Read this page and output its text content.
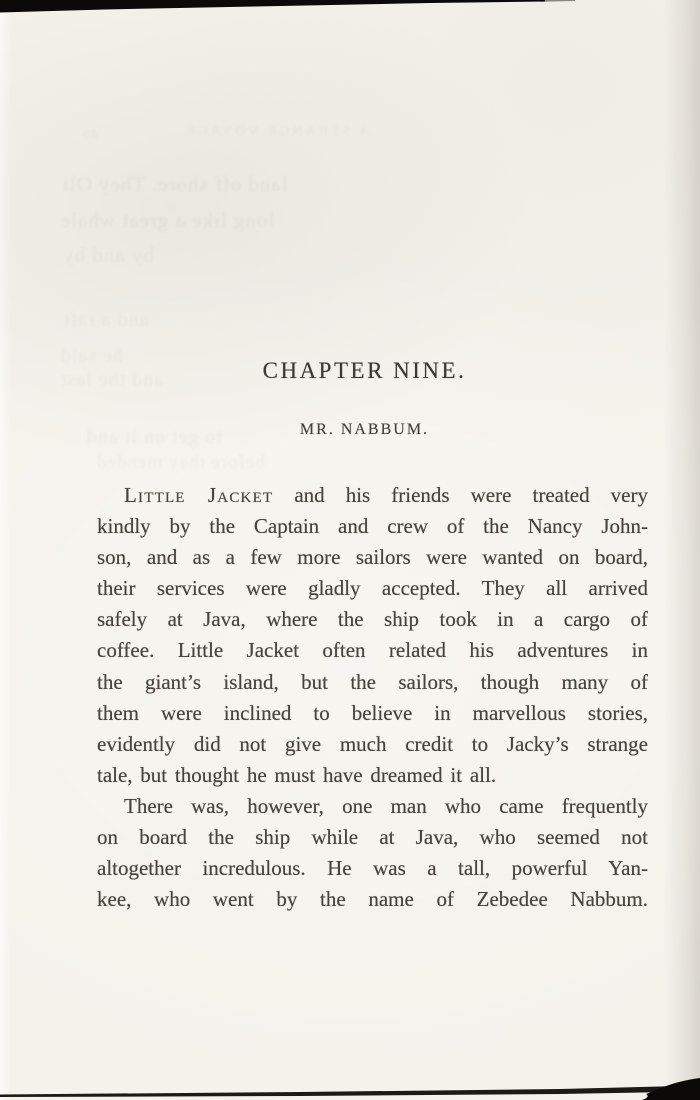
A STRANGE VOYAGE
40
land off shore. They Oli
long like a great whale
by and by
and a raft
he said
and the last
to get on it and
before they mended
CHAPTER NINE.
MR. NABBUM.
Little Jacket and his friends were treated very
kindly by the Captain and crew of the Nancy John-
son, and as a few more sailors were wanted on board,
their services were gladly accepted. They all arrived
safely at Java, where the ship took in a cargo of
coffee. Little Jacket often related his adventures in
the giant’s island, but the sailors, though many of
them were inclined to believe in marvellous stories,
evidently did not give much credit to Jacky’s strange
tale, but thought he must have dreamed it all.
There was, however, one man who came frequently
on board the ship while at Java, who seemed not
altogether incredulous. He was a tall, powerful Yan-
kee, who went by the name of Zebedee Nabbum.
